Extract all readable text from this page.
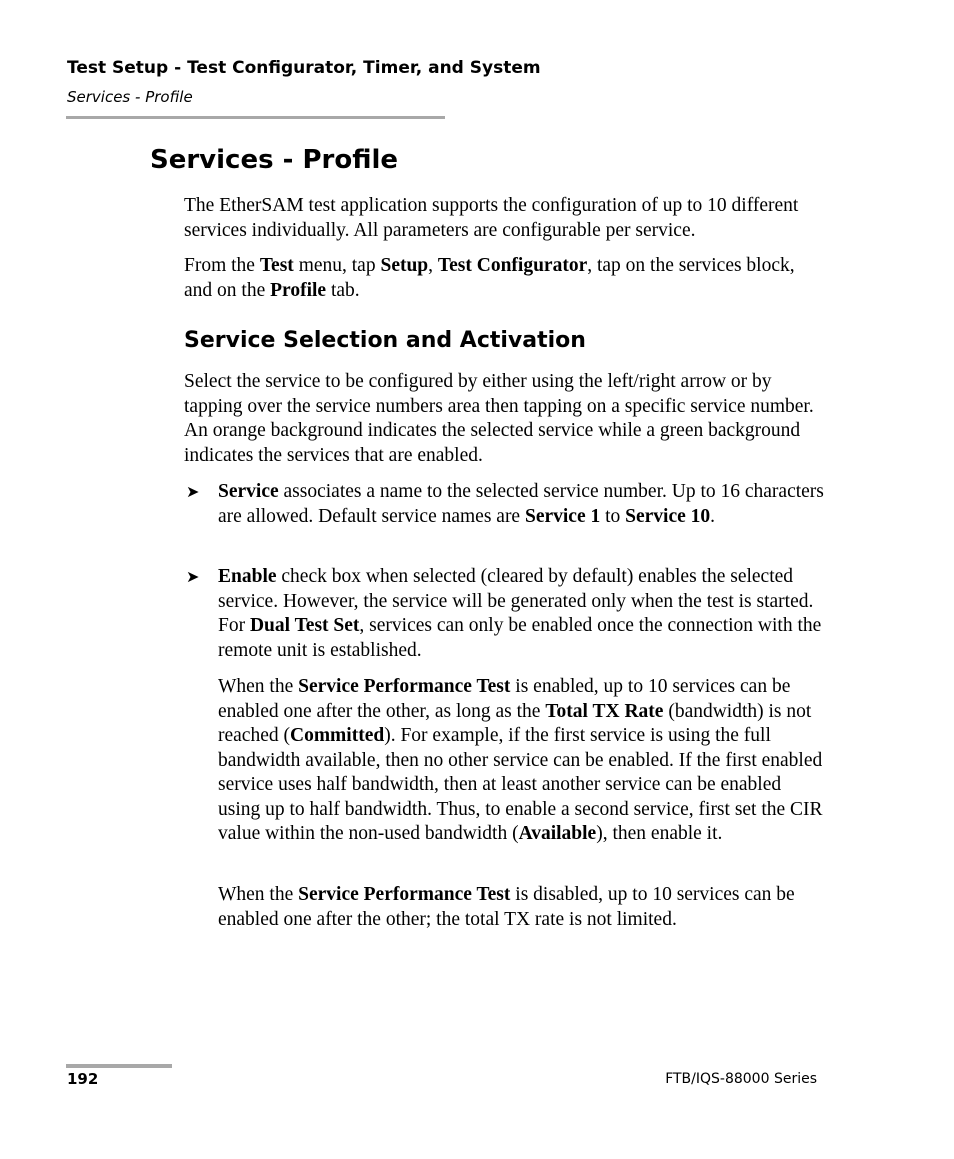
Test Setup - Test Configurator, Timer, and System
Services - Profile
Services - Profile

The EtherSAM test application supports the configuration of up to 10 different services individually. All parameters are configurable per service.

From the Test menu, tap Setup, Test Configurator, tap on the services block, and on the Profile tab.

Service Selection and Activation

Select the service to be configured by either using the left/right arrow or by tapping over the service numbers area then tapping on a specific service number. An orange background indicates the selected service while a green background indicates the services that are enabled.

➤ Service associates a name to the selected service number. Up to 16 characters are allowed. Default service names are Service 1 to Service 10.

➤ Enable check box when selected (cleared by default) enables the selected service. However, the service will be generated only when the test is started. For Dual Test Set, services can only be enabled once the connection with the remote unit is established.

When the Service Performance Test is enabled, up to 10 services can be enabled one after the other, as long as the Total TX Rate (bandwidth) is not reached (Committed). For example, if the first service is using the full bandwidth available, then no other service can be enabled. If the first enabled service uses half bandwidth, then at least another service can be enabled using up to half bandwidth. Thus, to enable a second service, first set the CIR value within the non-used bandwidth (Available), then enable it.

When the Service Performance Test is disabled, up to 10 services can be enabled one after the other; the total TX rate is not limited.

192	FTB/IQS-88000 Series
